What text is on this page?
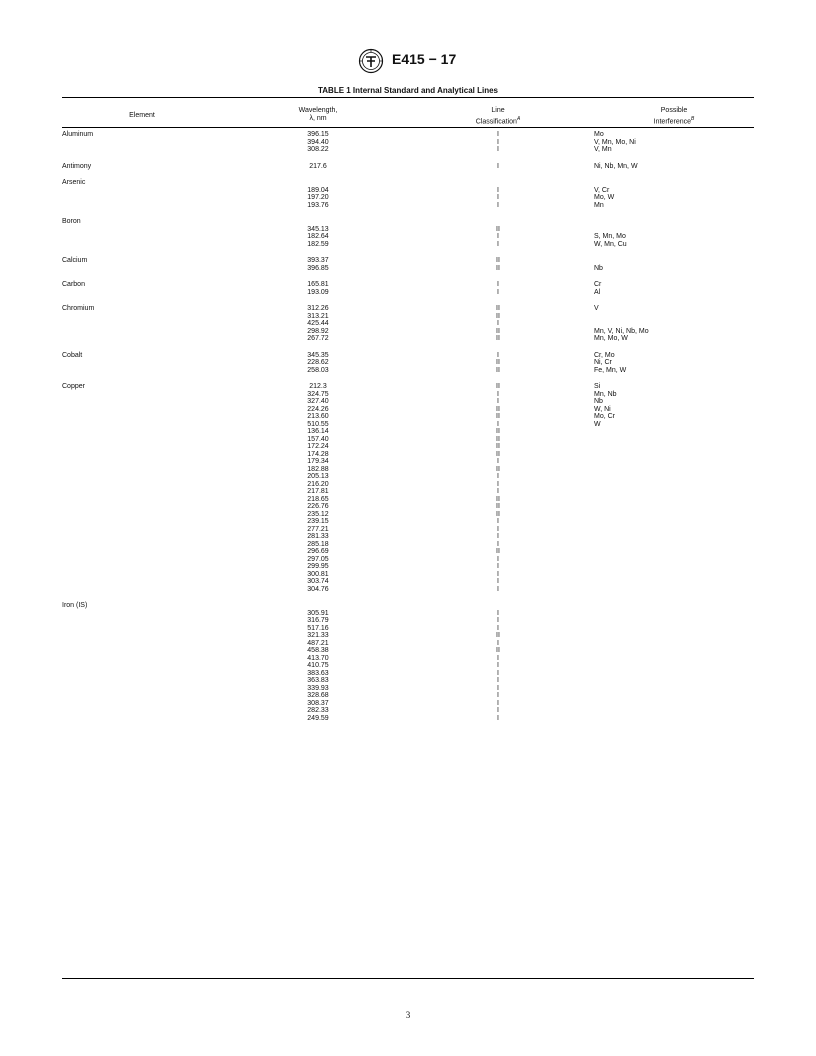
E415 − 17
TABLE 1 Internal Standard and Analytical Lines
Element
Wavelength,
λ, nm
Line
Classification$^A$
Possible
Interference$^B$
Aluminum	396.15	I	Mo
394.40	I	V, Mn, Mo, Ni
308.22	I	V, Mn
Antimony	217.6	I	Ni, Nb, Mn, W
Arsenic
189.04	I	V, Cr
197.20	I	Mo, W
193.76	I	Mn
Boron
345.13	II
182.64	I	S, Mn, Mo
182.59	I	W, Mn, Cu
Calcium	393.37	II
396.85	II	Nb
Carbon	165.81	I	Cr
193.09	I	Al
Chromium	312.26	II	V
313.21	II
425.44	I
298.92	II	Mn, V, Ni, Nb, Mo
267.72	II	Mn, Mo, W
Cobalt	345.35	I	Cr, Mo
228.62	II	Ni, Cr
258.03	II	Fe, Mn, W
Copper	212.3	II	Si
324.75	I	Mn, Nb
327.40	I	Nb
224.26	II	W, Ni
213.60	II	Mo, Cr
510.55	I	W
136.14	II
157.40	II
172.24	II
174.28	II
179.34	I
182.88	II
205.13	I
216.20	I
217.81	I
218.65	II
226.76	II
235.12	II
239.15	I
277.21	I
281.33	I
285.18	I
296.69	II
297.05	I
299.95	I
300.81	I
303.74	I
304.76	I
Iron (IS)
305.91	I
316.79	I
517.16	I
321.33	II
487.21	I
458.38	II
413.70	I
410.75	I
383.63	I
363.83	I
339.93	I
328.68	I
308.37	I
282.33	I
249.59	I
3
